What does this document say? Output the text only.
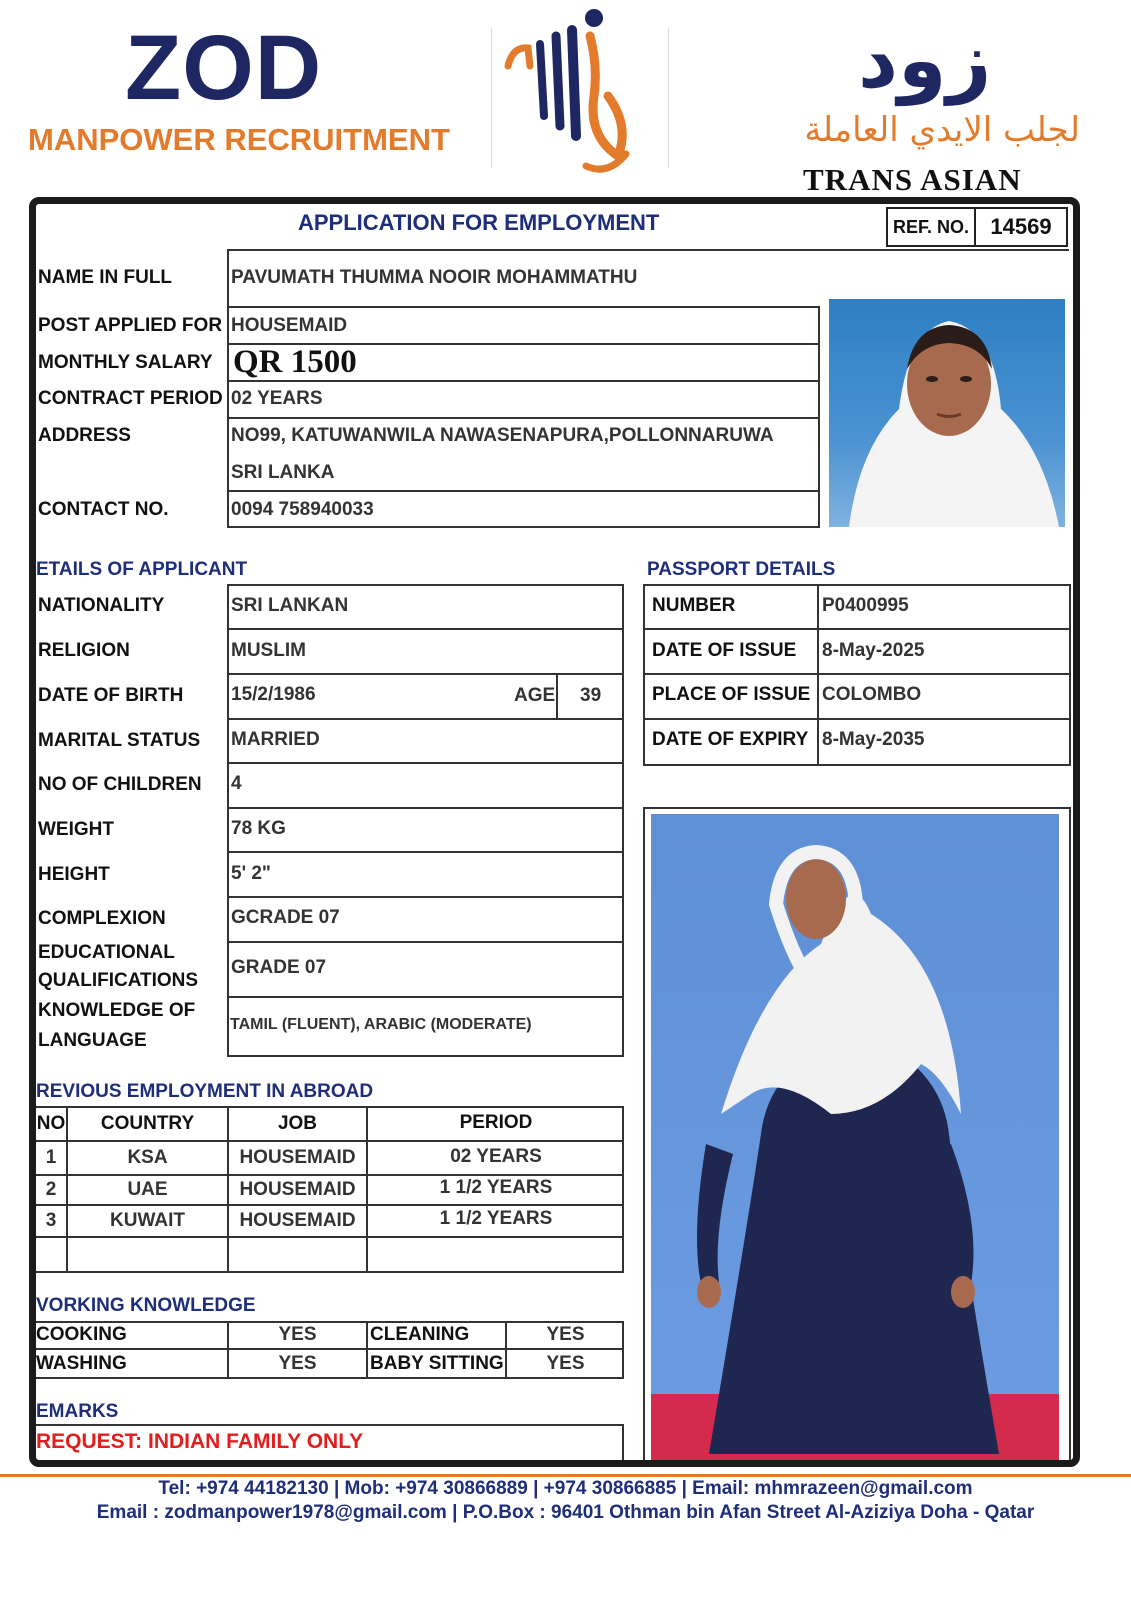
ZOD
MANPOWER RECRUITMENT
زود
لجلب الايدي العاملة
TRANS ASIAN
APPLICATION FOR EMPLOYMENT	REF. NO. 14569
NAME IN FULL	PAVUMATH THUMMA NOOIR MOHAMMATHU
POST APPLIED FOR HOUSEMAID
MONTHLY SALARY QR 1500
CONTRACT PERIOD 02 YEARS
ADDRESS	NO99, KATUWANWILA NAWASENAPURA,POLLONNARUWA
SRI LANKA
CONTACT NO.	0094 758940033
ETAILS OF APPLICANT
NATIONALITY	SRI LANKAN
RELIGION	MUSLIM
DATE OF BIRTH	15/2/1986	AGE 39
MARITAL STATUS MARRIED
NO OF CHILDREN 4
WEIGHT	78 KG
HEIGHT	5' 2"
COMPLEXION	GCRADE 07
EDUCATIONAL
QUALIFICATIONS
GRADE 07
KNOWLEDGE OF
LANGUAGE
TAMIL (FLUENT), ARABIC (MODERATE)
PASSPORT DETAILS
NUMBER	P0400995
DATE OF ISSUE 8-May-2025
PLACE OF ISSUE COLOMBO
DATE OF EXPIRY 8-May-2035
REVIOUS EMPLOYMENT IN ABROAD
NO	COUNTRY	JOB	PERIOD
1	KSA	HOUSEMAID	02 YEARS
2	UAE	HOUSEMAID	1 1/2 YEARS
3	KUWAIT	HOUSEMAID	1 1/2 YEARS
VORKING KNOWLEDGE
COOKING	YES	CLEANING	YES
WASHING	YES	BABY SITTING	YES
EMARKS
REQUEST: INDIAN FAMILY ONLY
Tel: +974 44182130 | Mob: +974 30866889 | +974 30866885 | Email: mhmrazeen@gmail.com
Email : zodmanpower1978@gmail.com | P.O.Box : 96401 Othman bin Afan Street Al-Aziziya Doha - Qatar
